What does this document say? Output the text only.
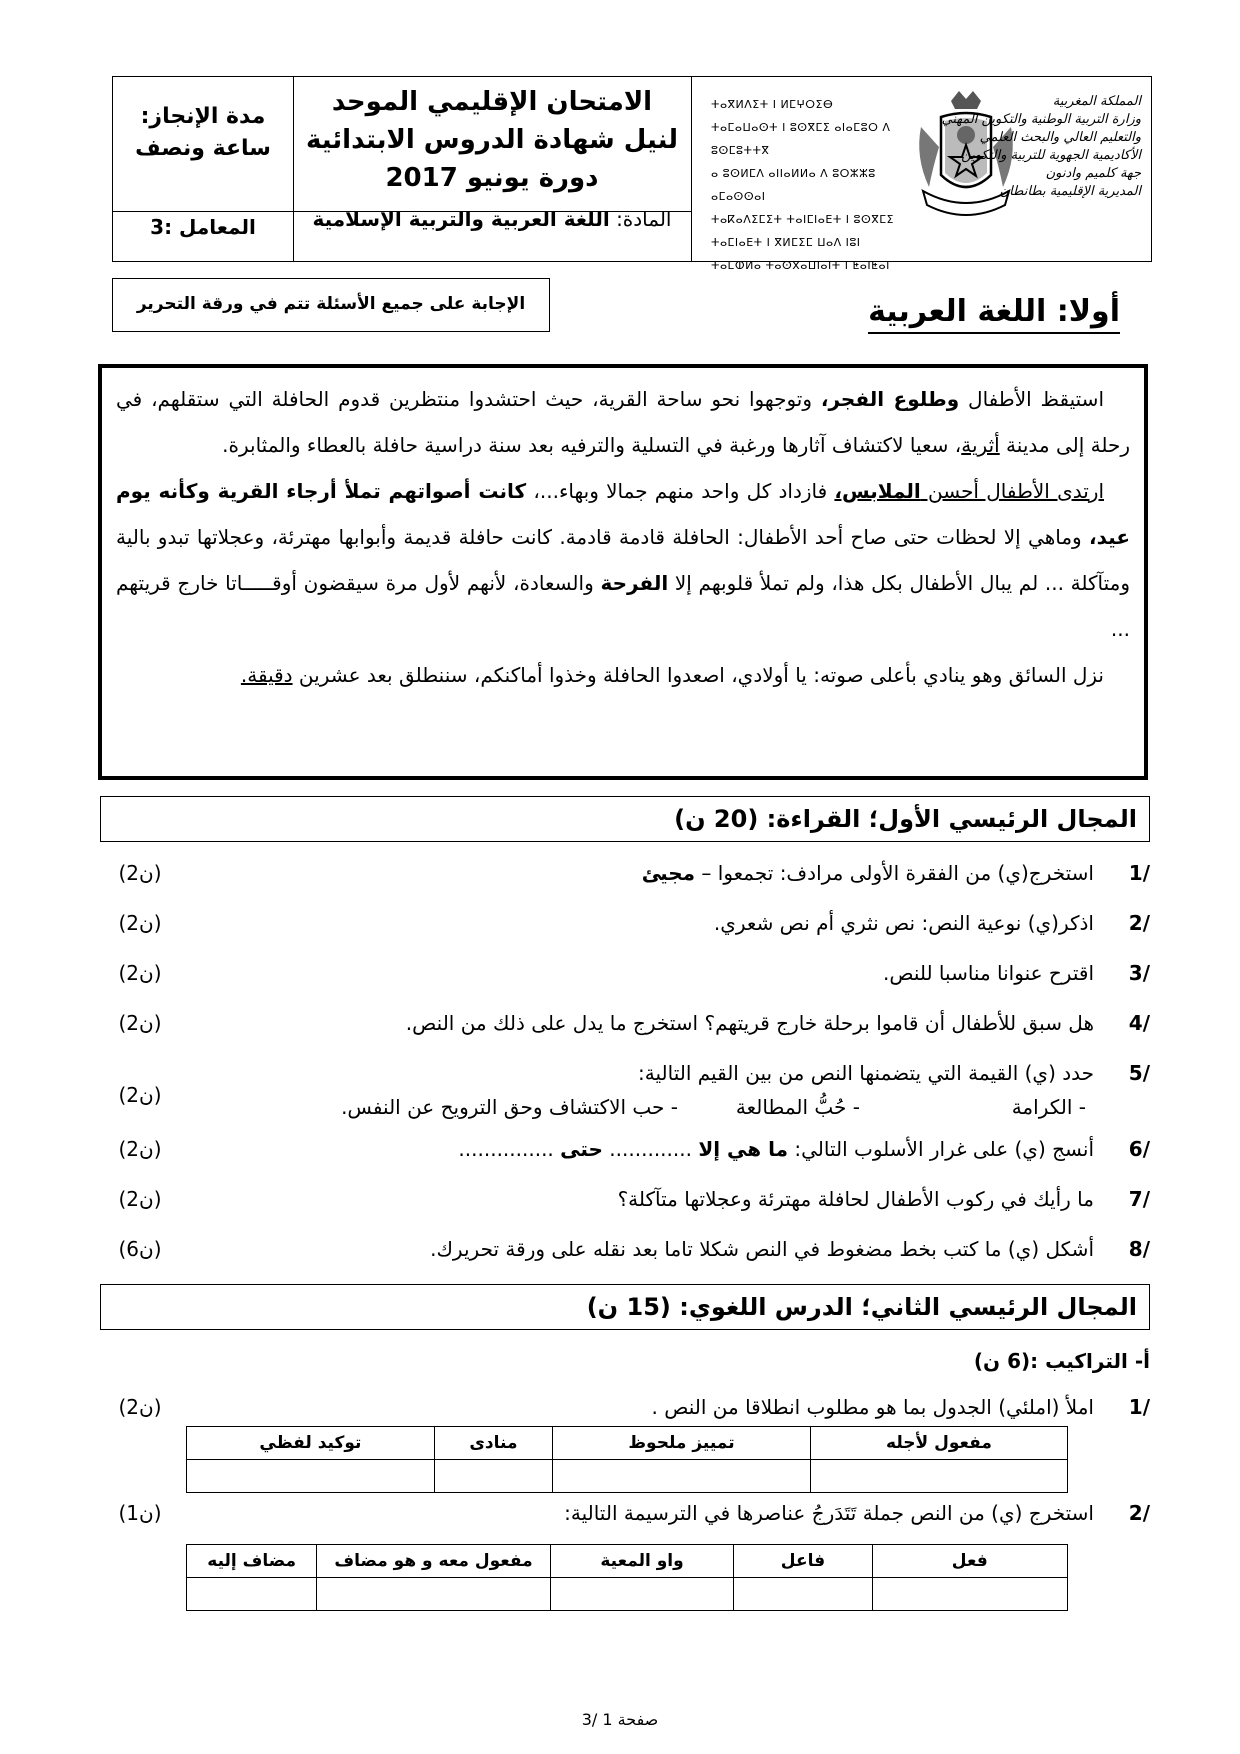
مدة الإنجاز:
ساعة ونصف
المعامل :3
الامتحان الإقليمي الموحد
لنيل شهادة الدروس الابتدائية
دورة يونيو 2017
المادة: اللغة العربية والتربية الإسلامية
ⵜⴰⴳⵍⴷⵉⵜ ⵏ ⵍⵎⵖⵔⵉⴱ
ⵜⴰⵎⴰⵡⴰⵙⵜ ⵏ ⵓⵙⴳⵎⵉ ⴰⵏⴰⵎⵓⵔ ⴷ ⵓⵙⵎⵓⵜⵜⴳ
ⴰ ⵓⵙⵍⵎⴷ ⴰⵏⵏⴰⵍⵍⴰ ⴷ ⵓⵔⵣⵣⵓ ⴰⵎⴰⵙⵙⴰⵏ
ⵜⴰⴽⴰⴷⵉⵎⵉⵜ ⵜⴰⵏⵎⵏⴰⴹⵜ ⵏ ⵓⵙⴳⵎⵉ
ⵜⴰⵎⵏⴰⴹⵜ ⵏ ⴳⵍⵎⵉⵎ ⵡⴰⴷ ⵏⵓⵏ
ⵜⴰⵎⵀⵍⴰ ⵜⴰⵙⴳⴰⵡⵏⴰⵏⵜ ⵏ ⵟⴰⵏⵟⴰⵏ
المملكة المغربية
وزارة التربية الوطنية والتكوين المهني
والتعليم العالي والبحث العلمي
الأكاديمية الجهوية للتربية والتكوين
جهة كلميم وادنون
المديرية الإقليمية بطانطان
الإجابة على جميع الأسئلة تتم في ورقة التحرير	أولا: اللغة العربية

استيقظ الأطفال وطلوع الفجر، وتوجهوا نحو ساحة القرية، حيث احتشدوا منتظرين قدوم الحافلة التي ستقلهم، في رحلة إلى مدينة أثرية، سعيا لاكتشاف آثارها ورغبة في التسلية والترفيه بعد سنة دراسية حافلة بالعطاء والمثابرة.

ارتدى الأطفال أحسن الملابس، فازداد كل واحد منهم جمالا وبهاء...، كانت أصواتهم تملأ أرجاء القرية وكأنه يوم عيد، وماهي إلا لحظات حتى صاح أحد الأطفال: الحافلة قادمة قادمة. كانت حافلة قديمة وأبوابها مهترئة، وعجلاتها تبدو بالية ومتآكلة ... لم يبال الأطفال بكل هذا، ولم تملأ قلوبهم إلا الفرحة والسعادة، لأنهم لأول مرة سيقضون أوقـــــاتا خارج قريتهم ...

نزل السائق وهو ينادي بأعلى صوته: يا أولادي، اصعدوا الحافلة وخذوا أماكنكم، سننطلق بعد عشرين دقيقة.

المجال الرئيسي الأول؛ القراءة: (20 ن)
/1
استخرج(ي) من الفقرة الأولى مرادف: تجمعوا – مجيئ
(2ن)
/2
اذكر(ي) نوعية النص: نص نثري أم نص شعري.
(2ن)
/3
اقترح عنوانا مناسبا للنص.
(2ن)
/4
هل سبق للأطفال أن قاموا برحلة خارج قريتهم؟ استخرج ما يدل على ذلك من النص.
(2ن)
/5
حدد (ي) القيمة التي يتضمنها النص من بين القيم التالية:
(2ن)	- الكرامة
- حُبُّ المطالعة
- حب الاكتشاف وحق الترويح عن النفس.
/6
أنسج (ي) على غرار الأسلوب التالي: ما هي إلا ............. حتى ...............
(2ن)
/7
ما رأيك في ركوب الأطفال لحافلة مهترئة وعجلاتها متآكلة؟
(2ن)
/8
أشكل (ي) ما كتب بخط مضغوط في النص شكلا تاما بعد نقله على ورقة تحريرك.
(6ن)
المجال الرئيسي الثاني؛ الدرس اللغوي: (15 ن)
أ- التراكيب :(6 ن)
/1
املأ (املئي) الجدول بما هو مطلوب انطلاقا من النص .
(2ن)
مفعول لأجله	تمييز ملحوظ	منادى	توكيد لفظي

/2
استخرج (ي) من النص جملة تَتَدَرجُ عناصرها في الترسيمة التالية:
(1ن)
فعل	فاعل	واو المعية	مفعول معه و هو مضاف	مضاف إليه

صفحة 1 /3
